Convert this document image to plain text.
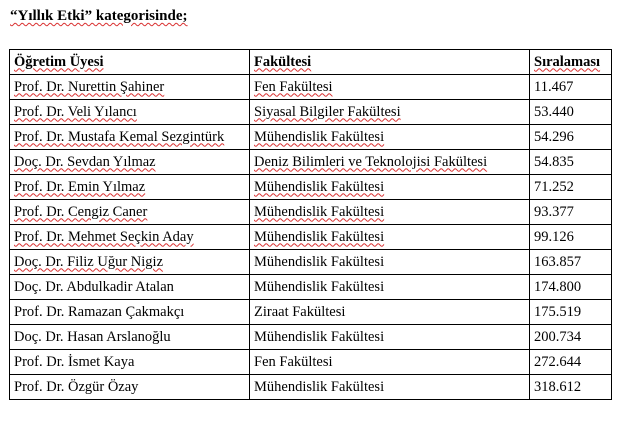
“Yıllık Etki” kategorisinde;
Öğretim Üyesi	Fakültesi	Sıralaması
Prof. Dr. Nurettin Şahiner	Fen Fakültesi	11.467
Prof. Dr. Veli Yılancı	Siyasal Bilgiler Fakültesi	53.440
Prof. Dr. Mustafa Kemal Sezgintürk	Mühendislik Fakültesi	54.296
Doç. Dr. Sevdan Yılmaz	Deniz Bilimleri ve Teknolojisi Fakültesi	54.835
Prof. Dr. Emin Yılmaz	Mühendislik Fakültesi	71.252
Prof. Dr. Cengiz Caner	Mühendislik Fakültesi	93.377
Prof. Dr. Mehmet Seçkin Aday	Mühendislik Fakültesi	99.126
Doç. Dr. Filiz Uğur Nigiz	Mühendislik Fakültesi	163.857
Doç. Dr. Abdulkadir Atalan	Mühendislik Fakültesi	174.800
Prof. Dr. Ramazan Çakmakçı	Ziraat Fakültesi	175.519
Doç. Dr. Hasan Arslanoğlu	Mühendislik Fakültesi	200.734
Prof. Dr. İsmet Kaya	Fen Fakültesi	272.644
Prof. Dr. Özgür Özay	Mühendislik Fakültesi	318.612
